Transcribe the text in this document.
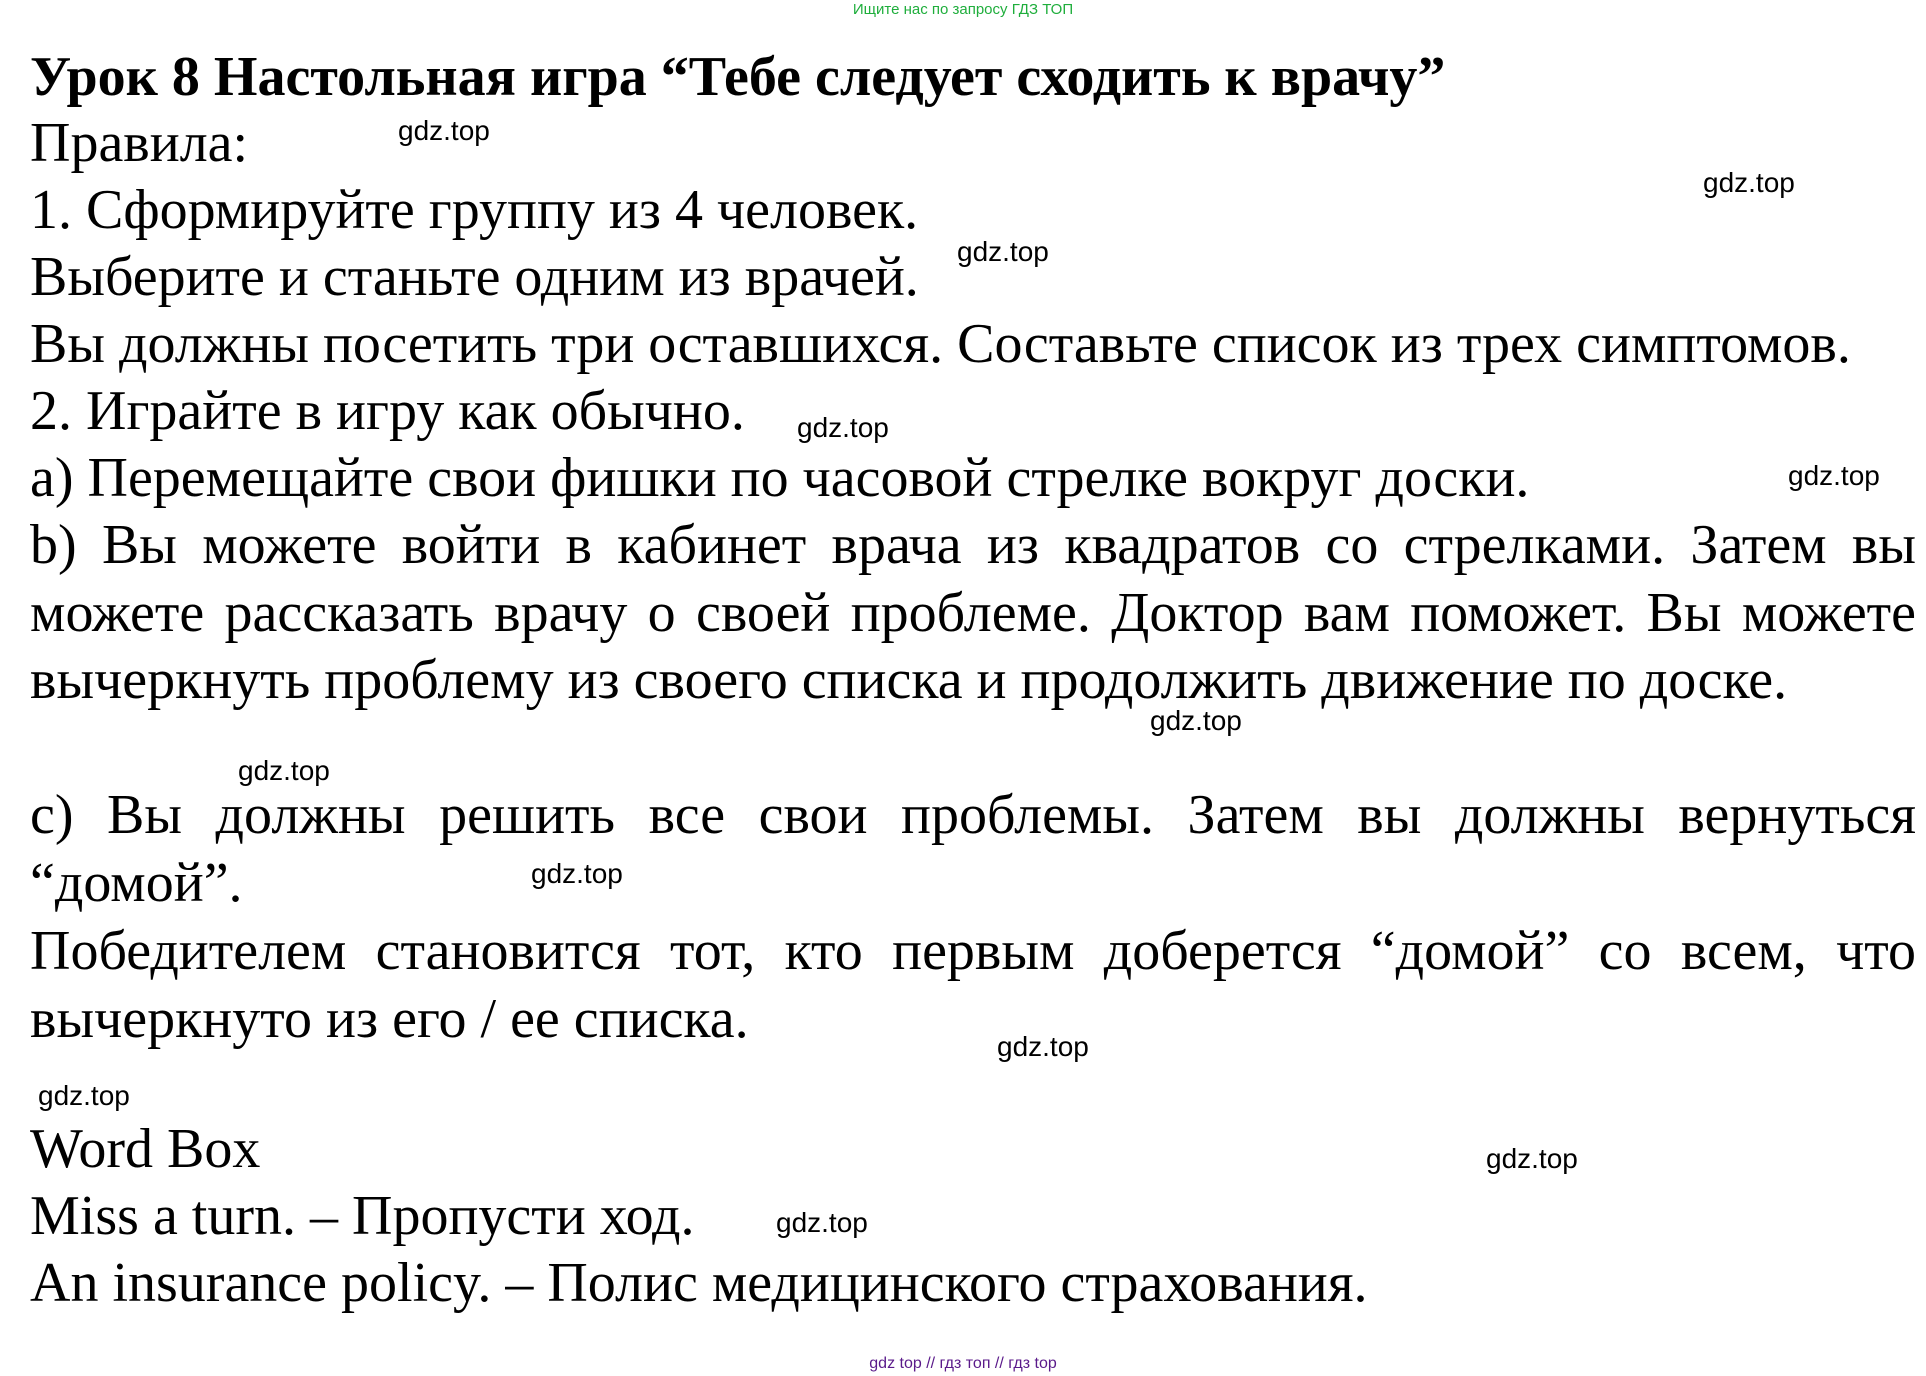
Ищите нас по запросу ГДЗ ТОП
Урок 8 Настольная игра “Тебе следует сходить к врачу”
Правила:
1. Сформируйте группу из 4 человек.
Выберите и станьте одним из врачей.
Вы должны посетить три оставшихся. Составьте список из трех симптомов.
2. Играйте в игру как обычно.
a) Перемещайте свои фишки по часовой стрелке вокруг доски.
b) Вы можете войти в кабинет врача из квадратов со стрелками. Затем вы можете рассказать врачу о своей проблеме. Доктор вам поможет. Вы можете вычеркнуть проблему из своего списка и продолжить движение по доске.
c) Вы должны решить все свои проблемы. Затем вы должны вернуться “домой”.
Победителем становится тот, кто первым доберется “домой” со всем, что вычеркнуто из его / ее списка.
Word Box
Miss a turn. – Пропусти ход.
An insurance policy. – Полис медицинского страхования.
gdz.top
gdz.top
gdz.top
gdz.top
gdz.top
gdz.top
gdz.top
gdz.top
gdz.top
gdz.top
gdz.top
gdz.top
gdz top // гдз топ // гдз top
